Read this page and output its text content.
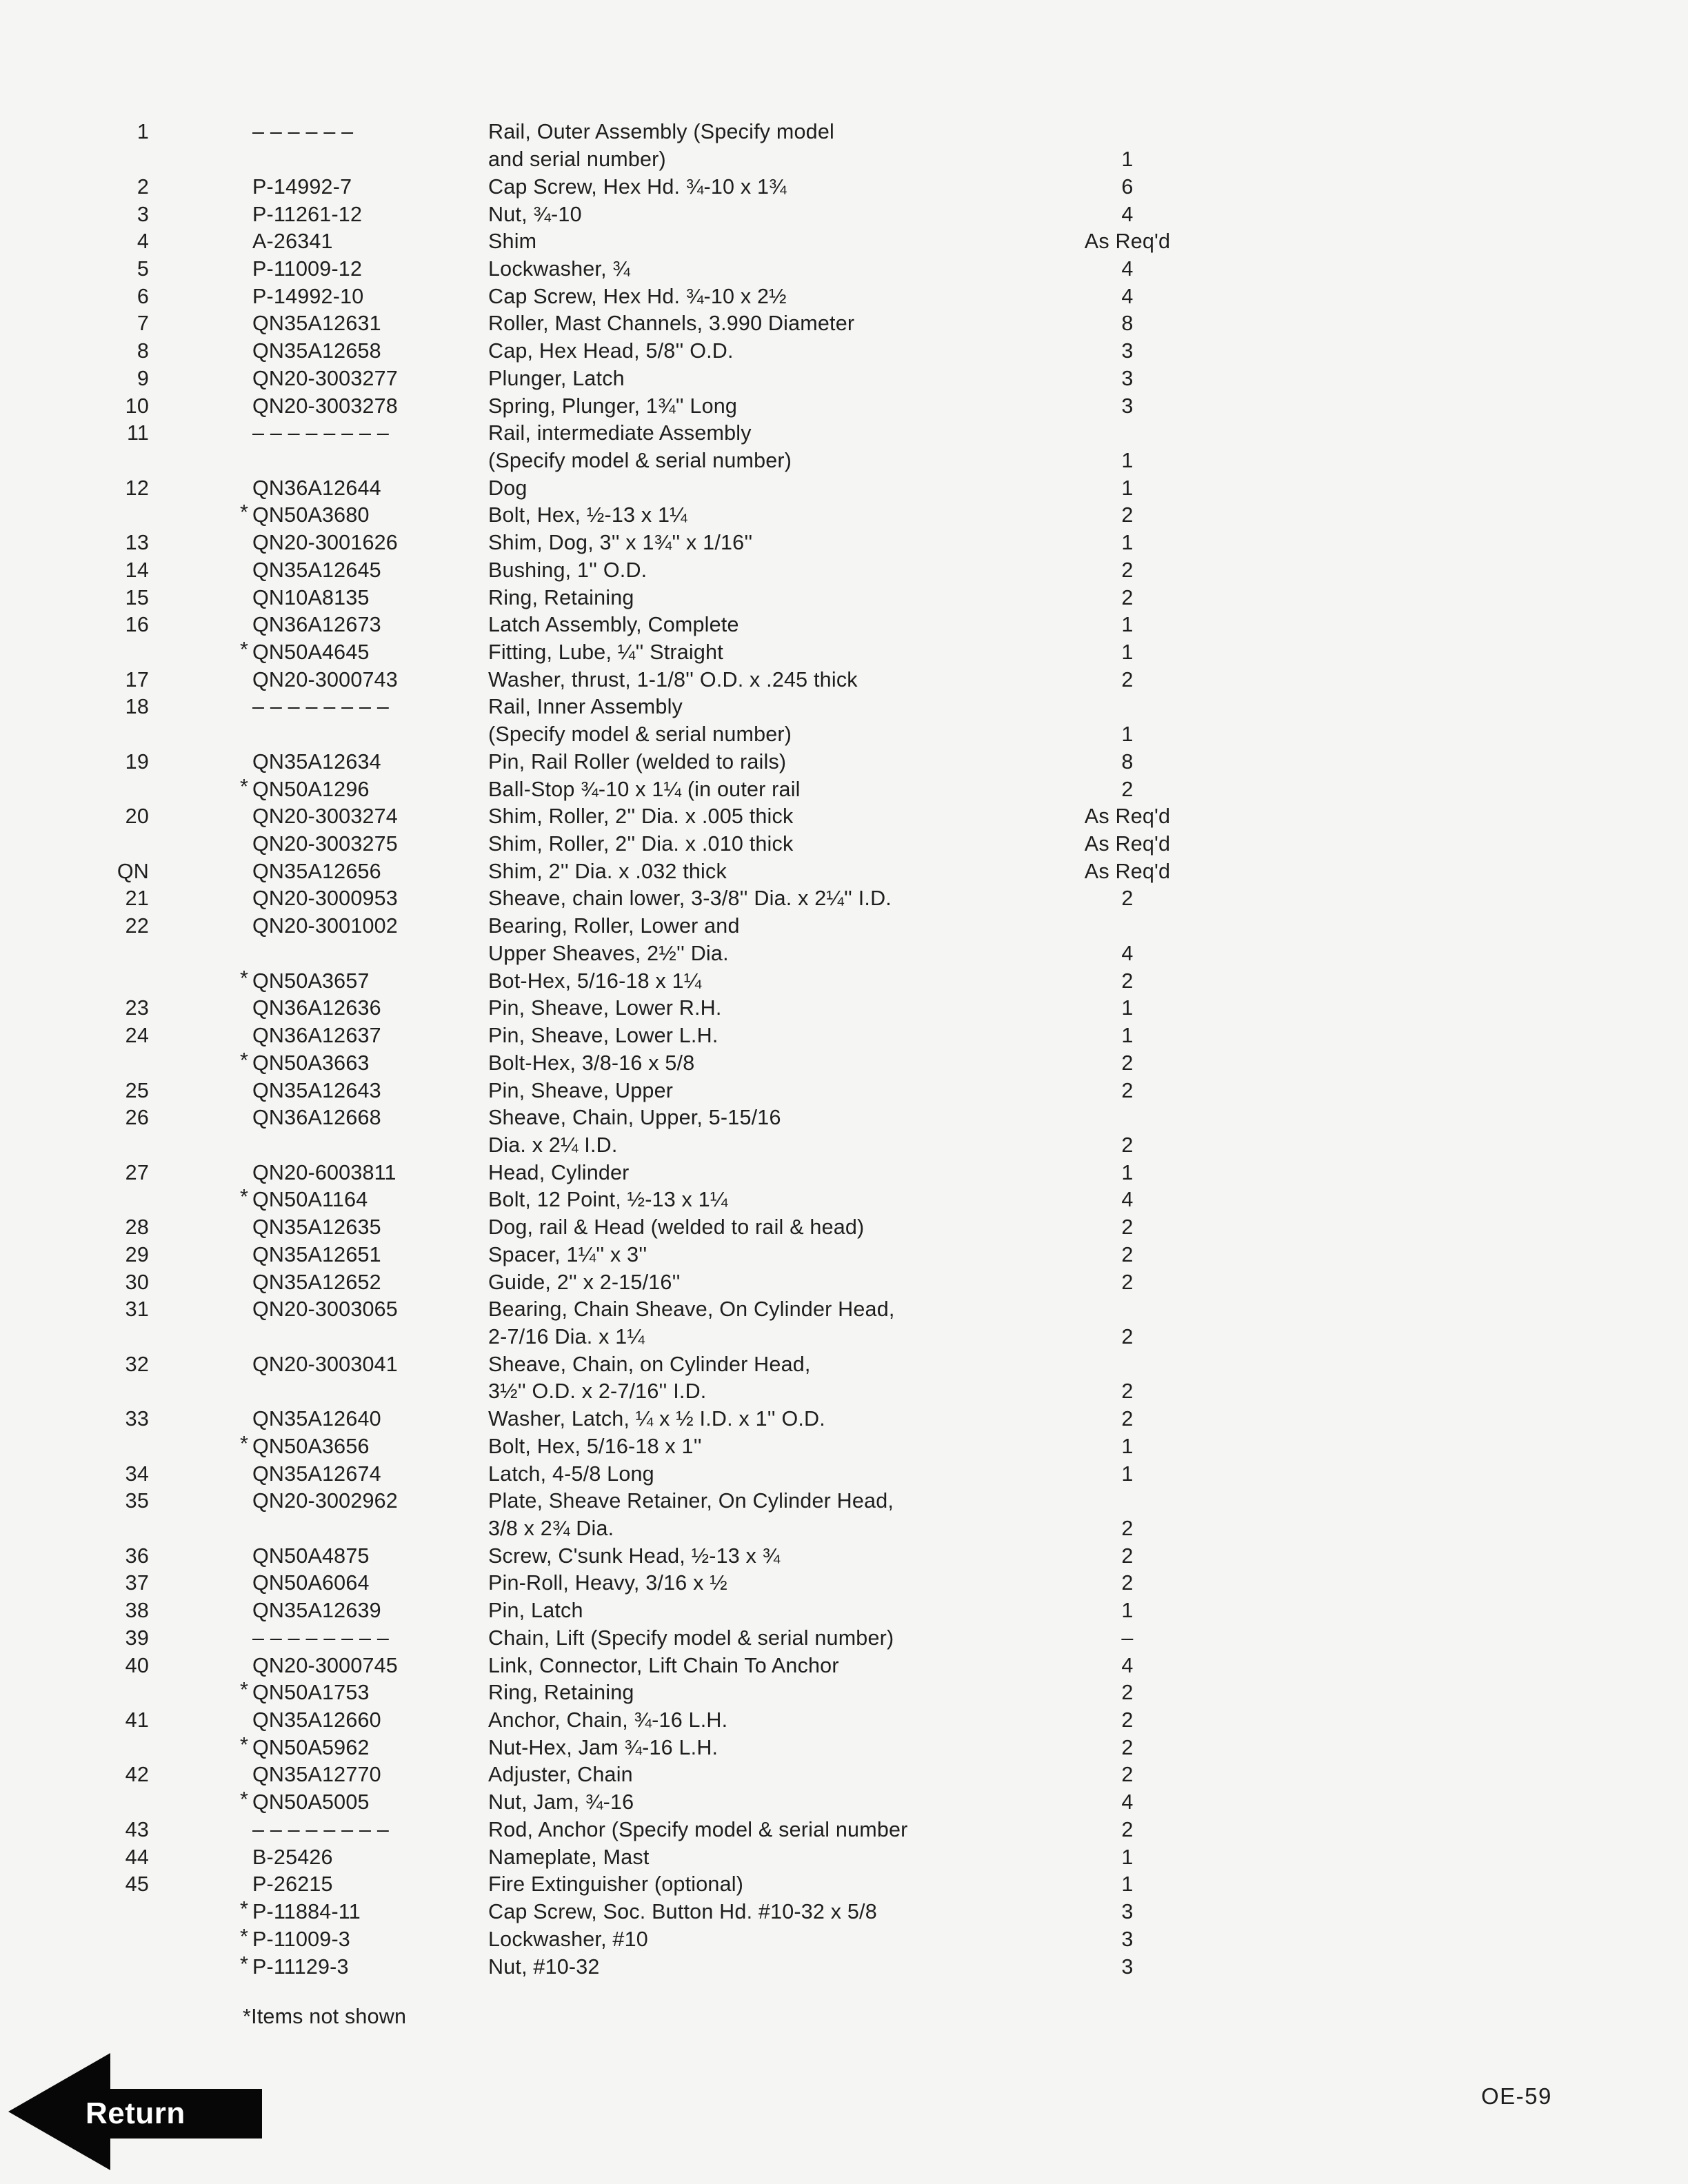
1	– – – – – –	Rail, Outer Assembly (Specify model
and serial number)	1
2	P-14992-7	Cap Screw, Hex Hd. ¾-10 x 1¾	6
3	P-11261-12	Nut, ¾-10	4
4	A-26341	Shim	As Req'd
5	P-11009-12	Lockwasher, ¾	4
6	P-14992-10	Cap Screw, Hex Hd. ¾-10 x 2½	4
7	QN35A12631	Roller, Mast Channels, 3.990 Diameter	8
8	QN35A12658	Cap, Hex Head, 5/8'' O.D.	3
9	QN20-3003277	Plunger, Latch	3
10	QN20-3003278	Spring, Plunger, 1¾'' Long	3
11	– – – – – – – –	Rail, intermediate Assembly
(Specify model & serial number)	1
12	QN36A12644	Dog	1
* QN50A3680	Bolt, Hex, ½-13 x 1¼	2
13	QN20-3001626	Shim, Dog, 3'' x 1¾'' x 1/16''	1
14	QN35A12645	Bushing, 1'' O.D.	2
15	QN10A8135	Ring, Retaining	2
16	QN36A12673	Latch Assembly, Complete	1
* QN50A4645	Fitting, Lube, ¼'' Straight	1
17	QN20-3000743	Washer, thrust, 1-1/8'' O.D. x .245 thick	2
18	– – – – – – – –	Rail, Inner Assembly
(Specify model & serial number)	1
19	QN35A12634	Pin, Rail Roller (welded to rails)	8
* QN50A1296	Ball-Stop ¾-10 x 1¼ (in outer rail	2
20	QN20-3003274	Shim, Roller, 2'' Dia. x .005 thick	As Req'd
QN20-3003275	Shim, Roller, 2'' Dia. x .010 thick	As Req'd
QN	QN35A12656	Shim, 2'' Dia. x .032 thick	As Req'd
21	QN20-3000953	Sheave, chain lower, 3-3/8'' Dia. x 2¼'' I.D.	2
22	QN20-3001002	Bearing, Roller, Lower and
Upper Sheaves, 2½'' Dia.	4
* QN50A3657	Bot-Hex, 5/16-18 x 1¼	2
23	QN36A12636	Pin, Sheave, Lower R.H.	1
24	QN36A12637	Pin, Sheave, Lower L.H.	1
* QN50A3663	Bolt-Hex, 3/8-16 x 5/8	2
25	QN35A12643	Pin, Sheave, Upper	2
26	QN36A12668	Sheave, Chain, Upper, 5-15/16
Dia. x 2¼ I.D.	2
27	QN20-6003811	Head, Cylinder	1
* QN50A1164	Bolt, 12 Point, ½-13 x 1¼	4
28	QN35A12635	Dog, rail & Head (welded to rail & head)	2
29	QN35A12651	Spacer, 1¼'' x 3''	2
30	QN35A12652	Guide, 2'' x 2-15/16''	2
31	QN20-3003065	Bearing, Chain Sheave, On Cylinder Head,
2-7/16 Dia. x 1¼	2
32	QN20-3003041	Sheave, Chain, on Cylinder Head,
3½'' O.D. x 2-7/16'' I.D.	2
33	QN35A12640	Washer, Latch, ¼ x ½ I.D. x 1'' O.D.	2
* QN50A3656	Bolt, Hex, 5/16-18 x 1''	1
34	QN35A12674	Latch, 4-5/8 Long	1
35	QN20-3002962	Plate, Sheave Retainer, On Cylinder Head,
3/8 x 2¾ Dia.	2
36	QN50A4875	Screw, C'sunk Head, ½-13 x ¾	2
37	QN50A6064	Pin-Roll, Heavy, 3/16 x ½	2
38	QN35A12639	Pin, Latch	1
39	– – – – – – – –	Chain, Lift (Specify model & serial number)	–
40	QN20-3000745	Link, Connector, Lift Chain To Anchor	4
* QN50A1753	Ring, Retaining	2
41	QN35A12660	Anchor, Chain, ¾-16 L.H.	2
* QN50A5962	Nut-Hex, Jam ¾-16 L.H.	2
42	QN35A12770	Adjuster, Chain	2
* QN50A5005	Nut, Jam, ¾-16	4
43	– – – – – – – –	Rod, Anchor (Specify model & serial number	2
44	B-25426	Nameplate, Mast	1
45	P-26215	Fire Extinguisher (optional)	1
* P-11884-11	Cap Screw, Soc. Button Hd. #10-32 x 5/8	3
* P-11009-3	Lockwasher, #10	3
* P-11129-3	Nut, #10-32	3
*Items not shown
Return
OE-59
